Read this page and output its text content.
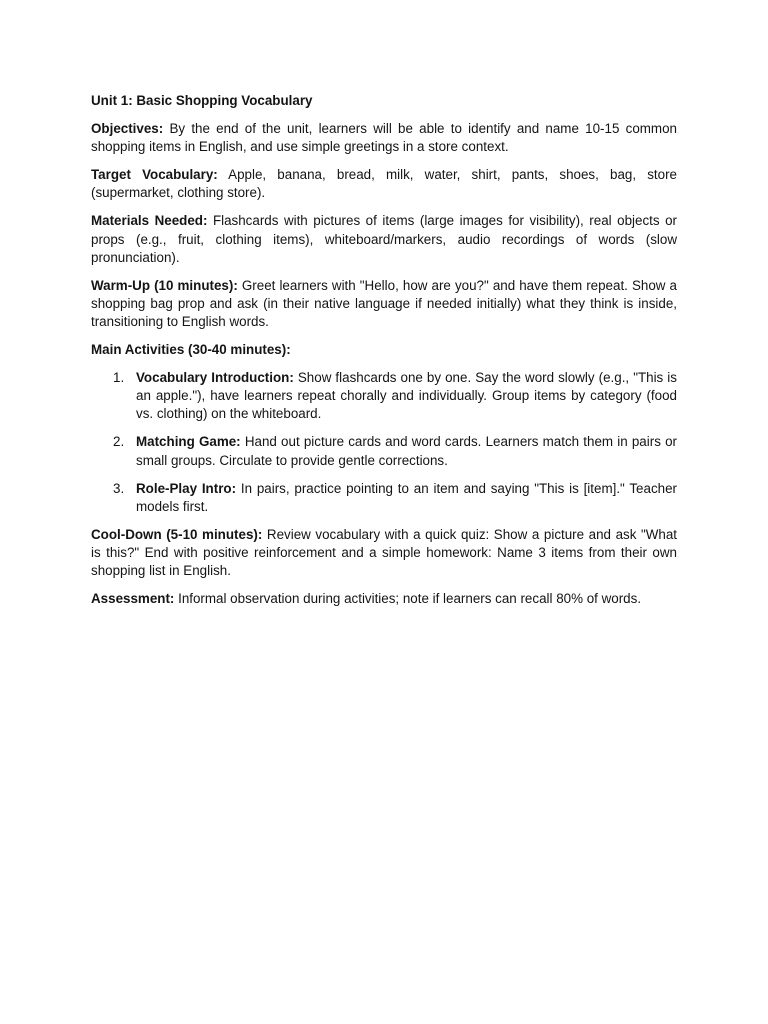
Unit 1: Basic Shopping Vocabulary

Objectives: By the end of the unit, learners will be able to identify and name 10-15 common shopping items in English, and use simple greetings in a store context.

Target Vocabulary: Apple, banana, bread, milk, water, shirt, pants, shoes, bag, store (supermarket, clothing store).

Materials Needed: Flashcards with pictures of items (large images for visibility), real objects or props (e.g., fruit, clothing items), whiteboard/markers, audio recordings of words (slow pronunciation).

Warm-Up (10 minutes): Greet learners with "Hello, how are you?" and have them repeat. Show a shopping bag prop and ask (in their native language if needed initially) what they think is inside, transitioning to English words.

Main Activities (30-40 minutes):

1. Vocabulary Introduction: Show flashcards one by one. Say the word slowly (e.g., "This is an apple."), have learners repeat chorally and individually. Group items by category (food vs. clothing) on the whiteboard.
2. Matching Game: Hand out picture cards and word cards. Learners match them in pairs or small groups. Circulate to provide gentle corrections.
3. Role-Play Intro: In pairs, practice pointing to an item and saying "This is [item]." Teacher models first.

Cool-Down (5-10 minutes): Review vocabulary with a quick quiz: Show a picture and ask "What is this?" End with positive reinforcement and a simple homework: Name 3 items from their own shopping list in English.

Assessment: Informal observation during activities; note if learners can recall 80% of words.
